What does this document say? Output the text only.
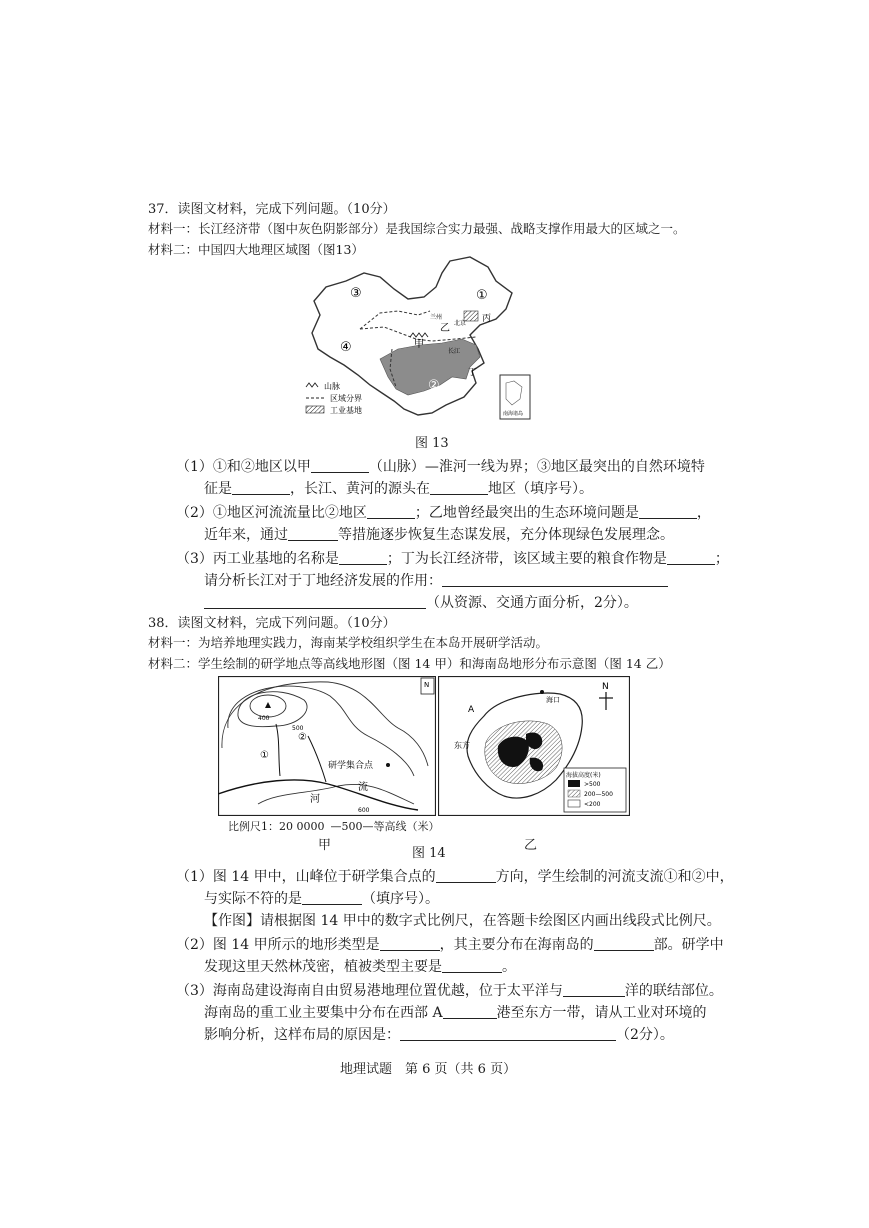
37．读图文材料，完成下列问题。（10分）
材料一：长江经济带（图中灰色阴影部分）是我国综合实力最强、战略支撑作用最大的区域之一。
材料二：中国四大地理区域图（图13）
③
④
①
②
甲
乙
丙
丁
兰州
北京
长江
山脉
区域分界
工业基地	南海诸岛
图 13
（1）①和②地区以甲	（山脉）—淮河一线为界；③地区最突出的自然环境特
征是	，长江、黄河的源头在	地区（填序号）。
（2）①地区河流流量比②地区	；乙地曾经最突出的生态环境问题是	，
近年来，通过	等措施逐步恢复生态谋发展，充分体现绿色发展理念。
（3）丙工业基地的名称是	；丁为长江经济带，该区域主要的粮食作物是	；
请分析长江对于丁地经济发展的作用：
（从资源、交通方面分析，2分）。
38．读图文材料，完成下列问题。（10分）
材料一：为培养地理实践力，海南某学校组织学生在本岛开展研学活动。
材料二：学生绘制的研学地点等高线地形图（图 14 甲）和海南岛地形分布示意图（图 14 乙）
N
400
500
600
①
②
研学集合点
河
流
比例尺1：20 0000 —500—等高线（米）
甲
N
A
海口
东方
海拔高度(米)
>500
200—500
<200
乙
图 14
（1）图 14 甲中，山峰位于研学集合点的	方向，学生绘制的河流支流①和②中，
与实际不符的是	（填序号）。
【作图】请根据图 14 甲中的数字式比例尺，在答题卡绘图区内画出线段式比例尺。
（2）图 14 甲所示的地形类型是	，其主要分布在海南岛的	部。研学中
发现这里天然林茂密，植被类型主要是	。
（3）海南岛建设海南自由贸易港地理位置优越，位于太平洋与	洋的联结部位。
海南岛的重工业主要集中分布在西部 A	港至东方一带，请从工业对环境的
影响分析，这样布局的原因是：	（2分）。
地理试题　第 6 页（共 6 页）
